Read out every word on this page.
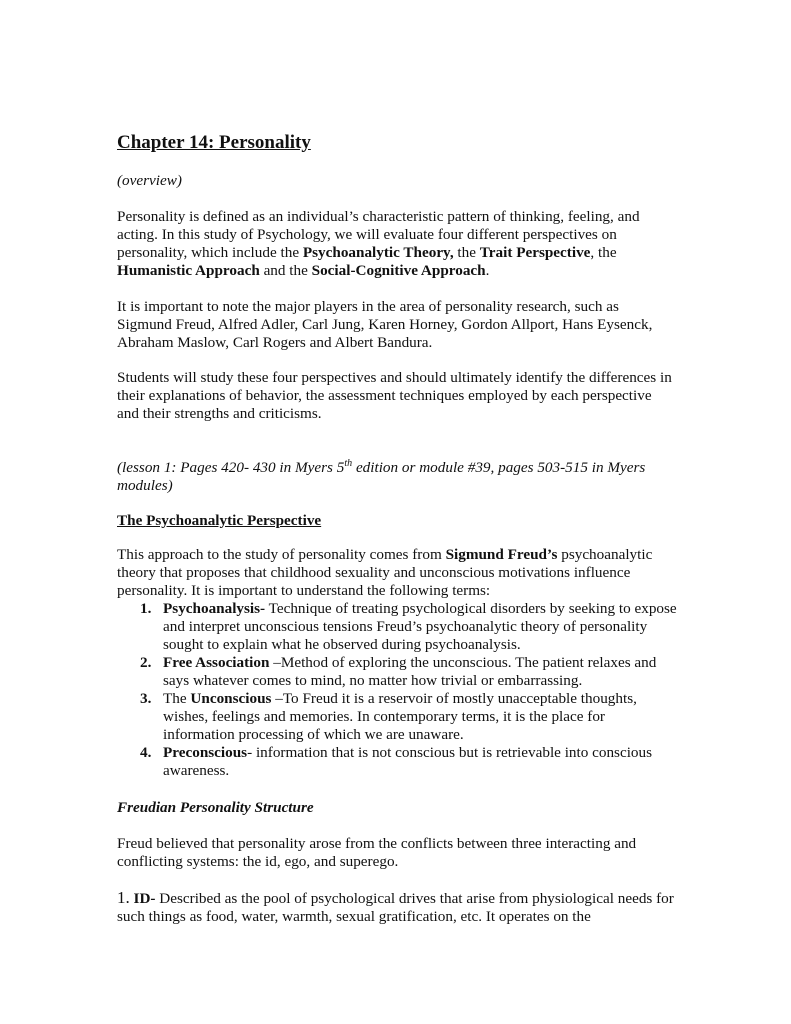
Chapter 14: Personality

(overview)

Personality is defined as an individual’s characteristic pattern of thinking, feeling, and acting. In this study of Psychology, we will evaluate four different perspectives on personality, which include the Psychoanalytic Theory, the Trait Perspective, the Humanistic Approach and the Social-Cognitive Approach.

It is important to note the major players in the area of personality research, such as Sigmund Freud, Alfred Adler, Carl Jung, Karen Horney, Gordon Allport, Hans Eysenck, Abraham Maslow, Carl Rogers and Albert Bandura.

Students will study these four perspectives and should ultimately identify the differences in their explanations of behavior, the assessment techniques employed by each perspective and their strengths and criticisms.

(lesson 1: Pages 420- 430 in Myers 5th edition or module #39, pages 503-515 in Myers modules)

The Psychoanalytic Perspective

This approach to the study of personality comes from Sigmund Freud’s psychoanalytic theory that proposes that childhood sexuality and unconscious motivations influence personality. It is important to understand the following terms:

1. Psychoanalysis- Technique of treating psychological disorders by seeking to expose and interpret unconscious tensions Freud’s psychoanalytic theory of personality sought to explain what he observed during psychoanalysis.
2. Free Association –Method of exploring the unconscious. The patient relaxes and says whatever comes to mind, no matter how trivial or embarrassing.
3. The Unconscious –To Freud it is a reservoir of mostly unacceptable thoughts, wishes, feelings and memories. In contemporary terms, it is the place for information processing of which we are unaware.
4. Preconscious- information that is not conscious but is retrievable into conscious awareness.

Freudian Personality Structure

Freud believed that personality arose from the conflicts between three interacting and conflicting systems: the id, ego, and superego.

1. ID- Described as the pool of psychological drives that arise from physiological needs for such things as food, water, warmth, sexual gratification, etc. It operates on the
